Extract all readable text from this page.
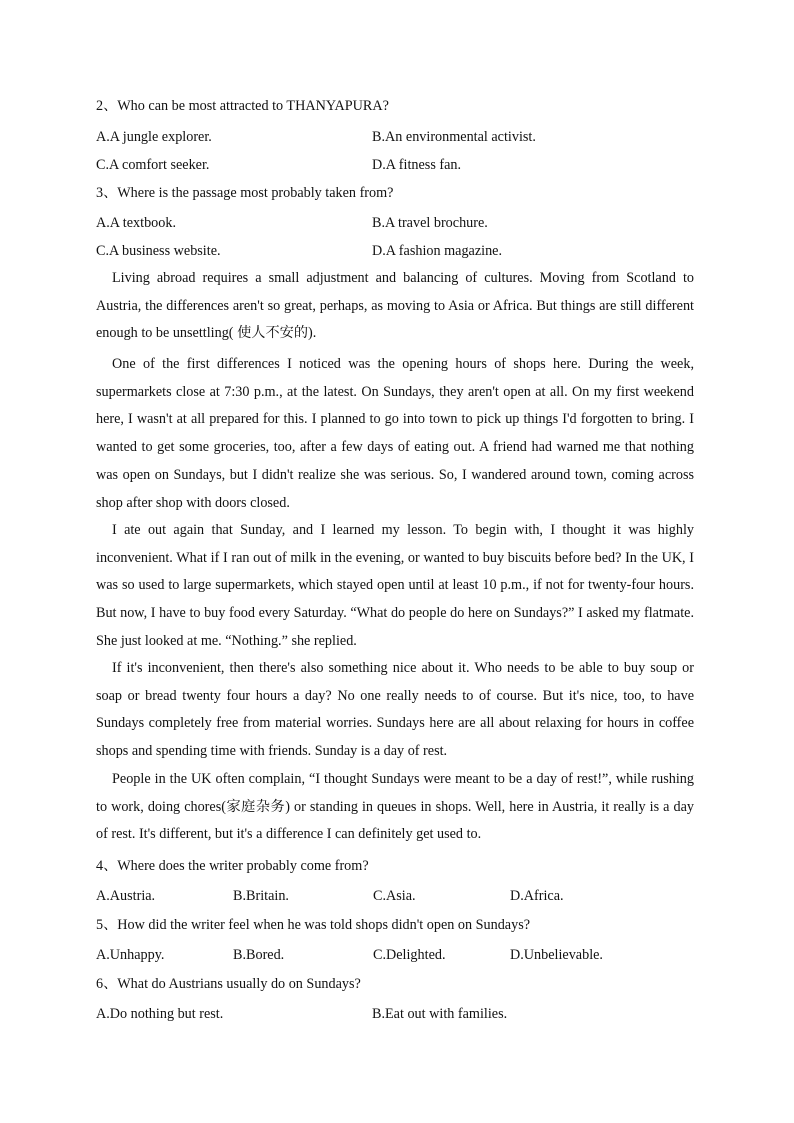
2、Who can be most attracted to THANYAPURA?
A.A jungle explorer.	B.An environmental activist.
C.A comfort seeker.	D.A fitness fan.
3、Where is the passage most probably taken from?
A.A textbook.	B.A travel brochure.
C.A business website.	D.A fashion magazine.
Living abroad requires a small adjustment and balancing of cultures. Moving from Scotland to Austria, the differences aren't so great, perhaps, as moving to Asia or Africa. But things are still different enough to be unsettling( 使人不安的).
One of the first differences I noticed was the opening hours of shops here. During the week, supermarkets close at 7:30 p.m., at the latest. On Sundays, they aren't open at all. On my first weekend here, I wasn't at all prepared for this. I planned to go into town to pick up things I'd forgotten to bring. I wanted to get some groceries, too, after a few days of eating out. A friend had warned me that nothing was open on Sundays, but I didn't realize she was serious. So, I wandered around town, coming across shop after shop with doors closed.
I ate out again that Sunday, and I learned my lesson. To begin with, I thought it was highly inconvenient. What if I ran out of milk in the evening, or wanted to buy biscuits before bed? In the UK, I was so used to large supermarkets, which stayed open until at least 10 p.m., if not for twenty-four hours. But now, I have to buy food every Saturday. “What do people do here on Sundays?” I asked my flatmate. She just looked at me. “Nothing.” she replied.
If it's inconvenient, then there's also something nice about it. Who needs to be able to buy soup or soap or bread twenty four hours a day? No one really needs to of course. But it's nice, too, to have Sundays completely free from material worries. Sundays here are all about relaxing for hours in coffee shops and spending time with friends. Sunday is a day of rest.
People in the UK often complain, “I thought Sundays were meant to be a day of rest!”, while rushing to work, doing chores(家庭杂务) or standing in queues in shops. Well, here in Austria, it really is a day of rest. It's different, but it's a difference I can definitely get used to.
4、Where does the writer probably come from?
A.Austria.	B.Britain.	C.Asia.	D.Africa.
5、How did the writer feel when he was told shops didn't open on Sundays?
A.Unhappy.	B.Bored.	C.Delighted.	D.Unbelievable.
6、What do Austrians usually do on Sundays?
A.Do nothing but rest.	B.Eat out with families.
